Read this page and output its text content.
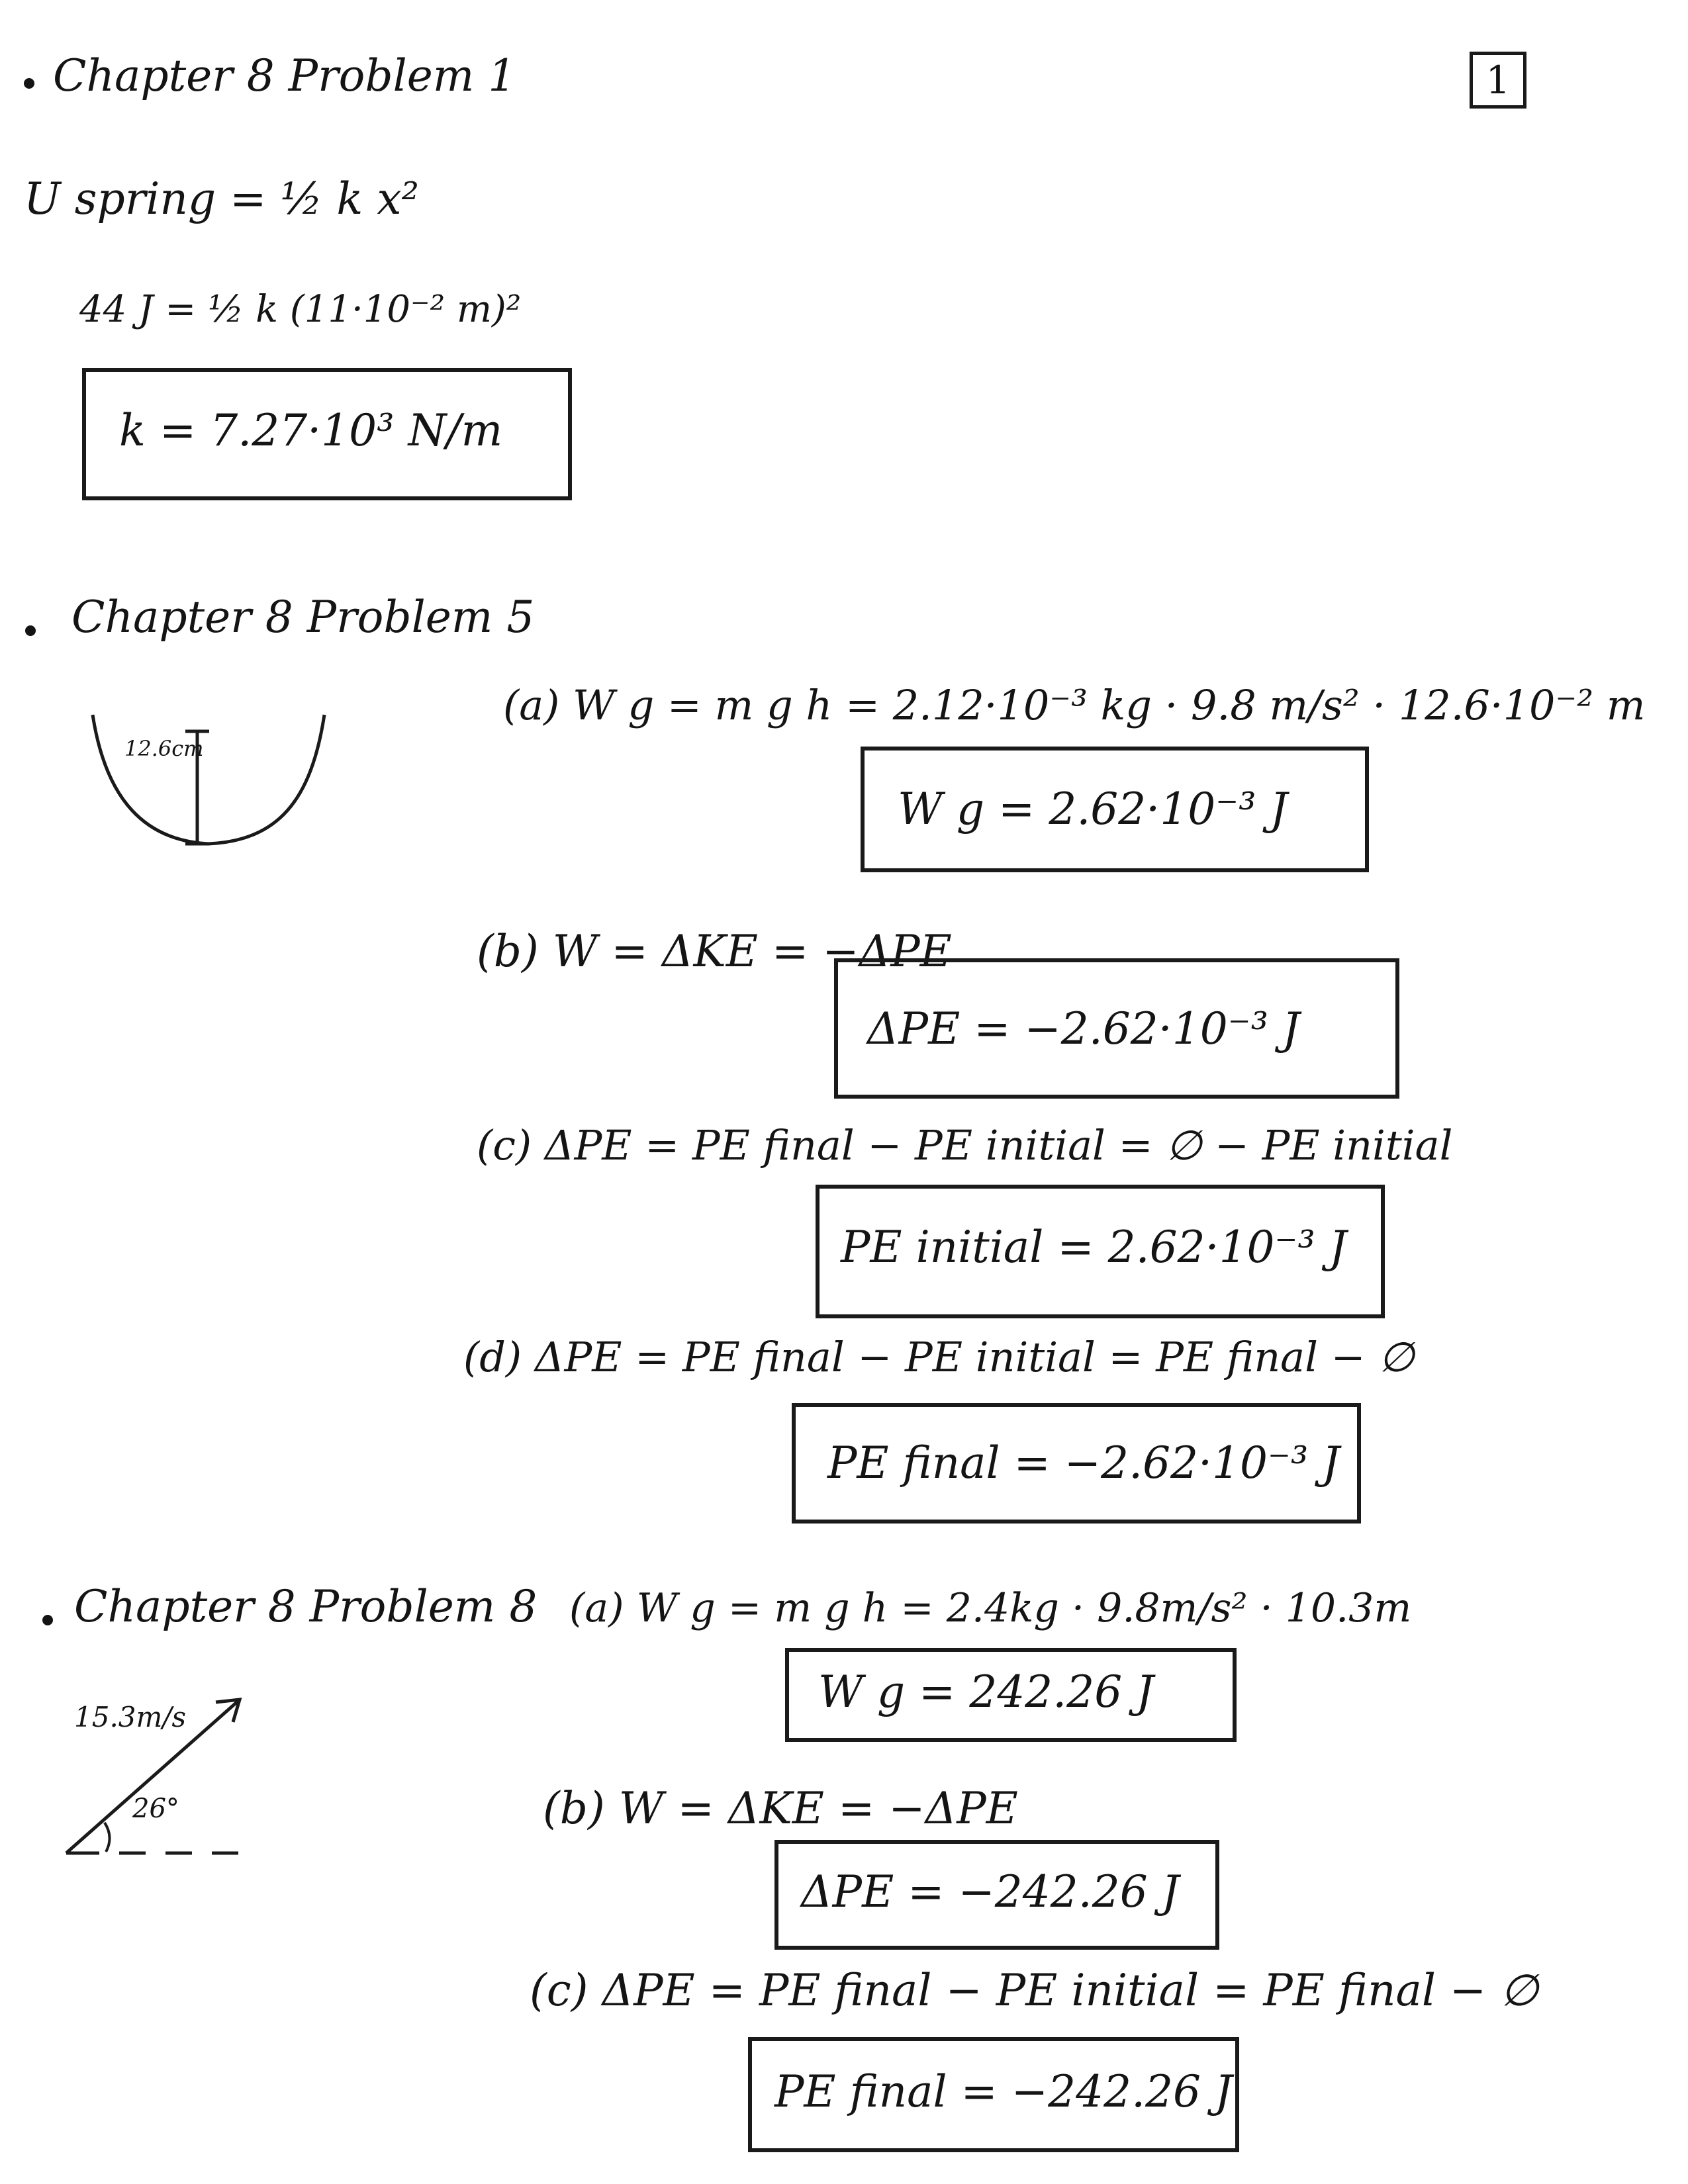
1
Chapter 8 Problem 1
U spring = ½ k x²
44 J = ½ k (11·10⁻² m)²
k = 7.27·10³ N/m
Chapter 8 Problem 5
12.6cm
(a) W g = m g h = 2.12·10⁻³ kg · 9.8 m/s² · 12.6·10⁻² m
W g = 2.62·10⁻³ J
(b) W = ΔKE = −ΔPE
ΔPE = −2.62·10⁻³ J
(c) ΔPE = PE final − PE initial = ∅ − PE initial
PE initial = 2.62·10⁻³ J
(d) ΔPE = PE final − PE initial = PE final − ∅
PE final = −2.62·10⁻³ J
Chapter 8 Problem 8
15.3m/s
26°
(a) W g = m g h = 2.4kg · 9.8m/s² · 10.3m
W g = 242.26 J
(b) W = ΔKE = −ΔPE
ΔPE = −242.26 J
(c) ΔPE = PE final − PE initial = PE final − ∅
PE final = −242.26 J
